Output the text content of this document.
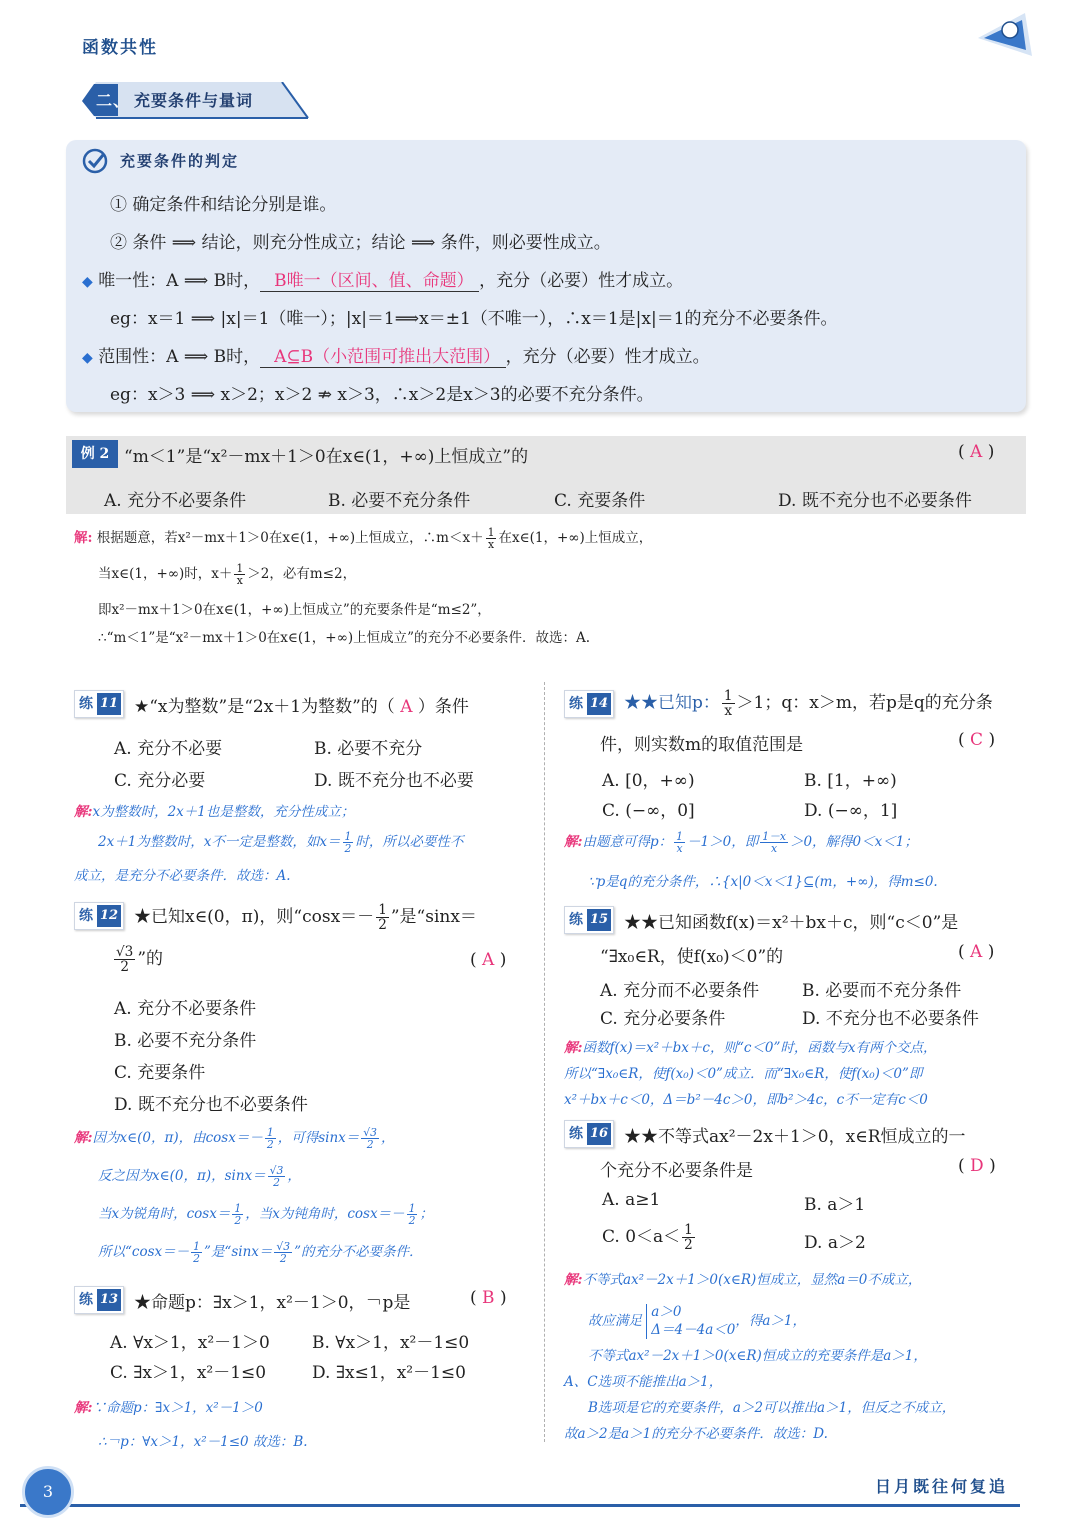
函数共性
二、 充要条件与量词
充要条件的判定
① 确定条件和结论分别是谁。
② 条件 ⟹ 结论，则充分性成立；结论 ⟹ 条件，则必要性成立。
◆ 唯一性：A ⟹ B时， B唯一（区间、值、命题） ，充分（必要）性才成立。
eg：x＝1 ⟹ |x|＝1（唯一）；|x|＝1⟹x＝±1（不唯一），∴x＝1是|x|＝1的充分不必要条件。
◆ 范围性：A ⟹ B时， A⊆B（小范围可推出大范围） ，充分（必要）性才成立。
eg：x＞3 ⟹ x＞2；x＞2 ⇏ x＞3，∴x＞2是x＞3的必要不充分条件。
例 2 “m＜1”是“x²－mx＋1＞0在x∈(1，+∞)上恒成立”的	( A )
A. 充分不必要条件	B. 必要不充分条件	C. 充要条件	D. 既不充分也不必要条件
解: 根据题意，若x²－mx＋1＞0在x∈(1，+∞)上恒成立，∴m＜x＋ $\frac{1}{x}$ 在x∈(1，+∞)上恒成立，
当x∈(1，+∞)时，$x+ \frac{1}{x} >2$，必有m≤2，
即x²－mx＋1＞0在x∈(1，+∞)上恒成立”的充要条件是“m≤2”，
∴“m＜1”是“x²－mx＋1＞0在x∈(1，+∞)上恒成立”的充分不必要条件．故选：A.
练 11 ★“x为整数”是“2x＋1为整数”的（ A ）条件
A. 充分不必要	B. 必要不充分
C. 充分必要	D. 既不充分也不必要
解:x为整数时，2x＋1也是整数，充分性成立；
2x＋1为整数时，x不一定是整数，如$x= \frac{1}{2}$ 时，所以必要性不
成立，是充分不必要条件．故选：A.
练 12 ★已知x∈(0，π)，则“$\cos x=- \frac{1}{2}$ ”是“sinx＝
$\frac{√3}{2}$ ”的	( A )
A. 充分不必要条件
B. 必要不充分条件
C. 充要条件
D. 既不充分也不必要条件
解:因为x∈(0，π)，由$\cos x=- \frac{1}{2}$ ，可得$\sin x= \frac{√3}{2}$ ，
反之因为x∈(0，π)，$\sin x= \frac{√3}{2}$ ，
当x为锐角时，$\cos x= \frac{1}{2}$ ，当x为钝角时，$\cos x=- \frac{1}{2}$ ；
所以“$\cos x=- \frac{1}{2}$ ”是“$\sin x= \frac{√3}{2}$ ”的充分不必要条件．
练 13 ★命题p：∃x＞1，x²－1＞0，￢p是	( B )
A. ∀x＞1，x²－1＞0 B. ∀x＞1，x²－1≤0
C. ∃x＞1，x²－1≤0	D. ∃x≤1，x²－1≤0
解:∵命题p：∃x＞1，x²－1＞0
∴￢p：∀x＞1，x²－1≤0 故选：B.
练 14 ★★已知p： $\frac{1}{x} >1$；q：x＞m，若p是q的充分条
件，则实数m的取值范围是	( C )
A. [0，+∞)	B. [1，+∞)
C. (−∞，0]	D. (−∞，1]
解:由题意可得p： $\frac{1}{x} -1>0$，即 $\frac{1-x}{x} >0$，解得0＜x＜1；
∵p是q的充分条件，∴{x|0＜x＜1}⊆(m，+∞)，得m≤0.
练 15 ★★已知函数f(x)＝x²＋bx＋c，则“c＜0”是
“∃x₀∈R，使f(x₀)＜0”的	( A )
A. 充分而不必要条件	B. 必要而不充分条件
C. 充分必要条件	D. 不充分也不必要条件
解:函数f(x)＝x²＋bx＋c，则“c＜0”时，函数与x有两个交点，
所以“∃x₀∈R，使f(x₀)＜0”成立．而“∃x₀∈R，使f(x₀)＜0”即
x²＋bx＋c＜0，Δ＝b²－4c＞0，即b²＞4c，c不一定有c＜0
练 16 ★★不等式ax²－2x＋1＞0，x∈R恒成立的一
个充分不必要条件是	( D )
A. a≥1	B. a＞1
C. $0<a< \frac{1}{2}$	D. a＞2
解:不等式ax²－2x＋1＞0(x∈R)恒成立，显然a＝0不成立，
故应满足
a＞0
Δ＝4－4a＜0
，得a＞1，
不等式ax²－2x＋1＞0(x∈R)恒成立的充要条件是a＞1，
A、C选项不能推出a＞1，
B选项是它的充要条件，a＞2可以推出a＞1，但反之不成立，
故a＞2是a＞1的充分不必要条件．故选：D.
3	日月既往何复追
